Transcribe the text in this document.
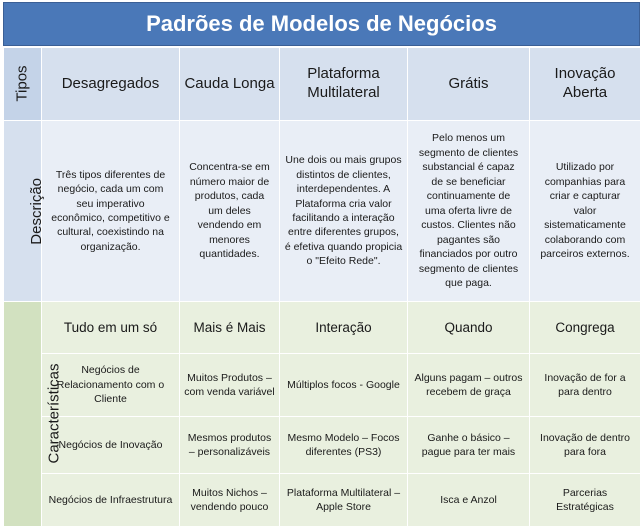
Padrões de Modelos de Negócios
Tipos	Desagregados	Cauda Longa	Plataforma Multilateral	Grátis	Inovação Aberta
Descrição	Três tipos diferentes de negócio, cada um com seu imperativo econômico, competitivo e cultural, coexistindo na organização.	Concentra-se em número maior de produtos, cada um deles vendendo em menores quantidades.	Une dois ou mais grupos distintos de clientes, interdependentes. A Plataforma cria valor facilitando a interação entre diferentes grupos, é efetiva quando propicia o "Efeito Rede".	Pelo menos um segmento de clientes substancial é capaz de se beneficiar continuamente de uma oferta livre de custos. Clientes não pagantes são financiados por outro segmento de clientes que paga.	Utilizado por companhias para criar e capturar valor sistematicamente colaborando com parceiros externos.
Características	Tudo em um só	Mais é Mais	Interação	Quando	Congrega
	Negócios de Relacionamento com o Cliente	Muitos Produtos – com venda variável	Múltiplos focos - Google	Alguns pagam – outros recebem de graça	Inovação de for a para dentro
	Negócios de Inovação	Mesmos produtos – personalizáveis	Mesmo Modelo – Focos diferentes (PS3)	Ganhe o básico – pague para ter mais	Inovação de dentro para fora
	Negócios de Infraestrutura	Muitos Nichos – vendendo pouco	Plataforma Multilateral – Apple Store	Isca e Anzol	Parcerias Estratégicas
